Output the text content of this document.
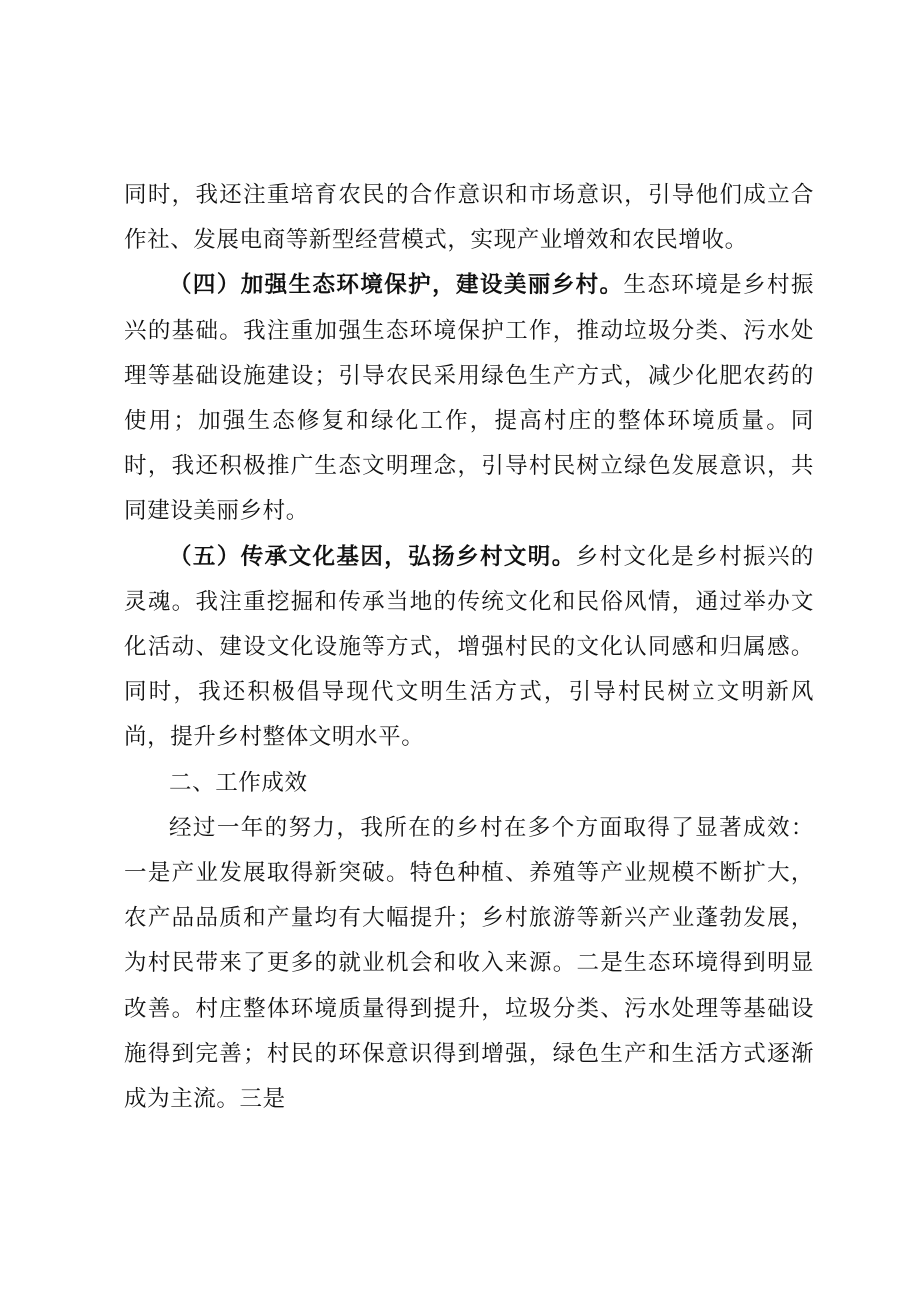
同时，我还注重培育农民的合作意识和市场意识，引导他们成立合作社、发展电商等新型经营模式，实现产业增效和农民增收。

（四）加强生态环境保护，建设美丽乡村。生态环境是乡村振兴的基础。我注重加强生态环境保护工作，推动垃圾分类、污水处理等基础设施建设；引导农民采用绿色生产方式，减少化肥农药的使用；加强生态修复和绿化工作，提高村庄的整体环境质量。同时，我还积极推广生态文明理念，引导村民树立绿色发展意识，共同建设美丽乡村。

（五）传承文化基因，弘扬乡村文明。乡村文化是乡村振兴的灵魂。我注重挖掘和传承当地的传统文化和民俗风情，通过举办文化活动、建设文化设施等方式，增强村民的文化认同感和归属感。同时，我还积极倡导现代文明生活方式，引导村民树立文明新风尚，提升乡村整体文明水平。

二、工作成效

经过一年的努力，我所在的乡村在多个方面取得了显著成效：一是产业发展取得新突破。特色种植、养殖等产业规模不断扩大，农产品品质和产量均有大幅提升；乡村旅游等新兴产业蓬勃发展，为村民带来了更多的就业机会和收入来源。二是生态环境得到明显改善。村庄整体环境质量得到提升，垃圾分类、污水处理等基础设施得到完善；村民的环保意识得到增强，绿色生产和生活方式逐渐成为主流。三是
